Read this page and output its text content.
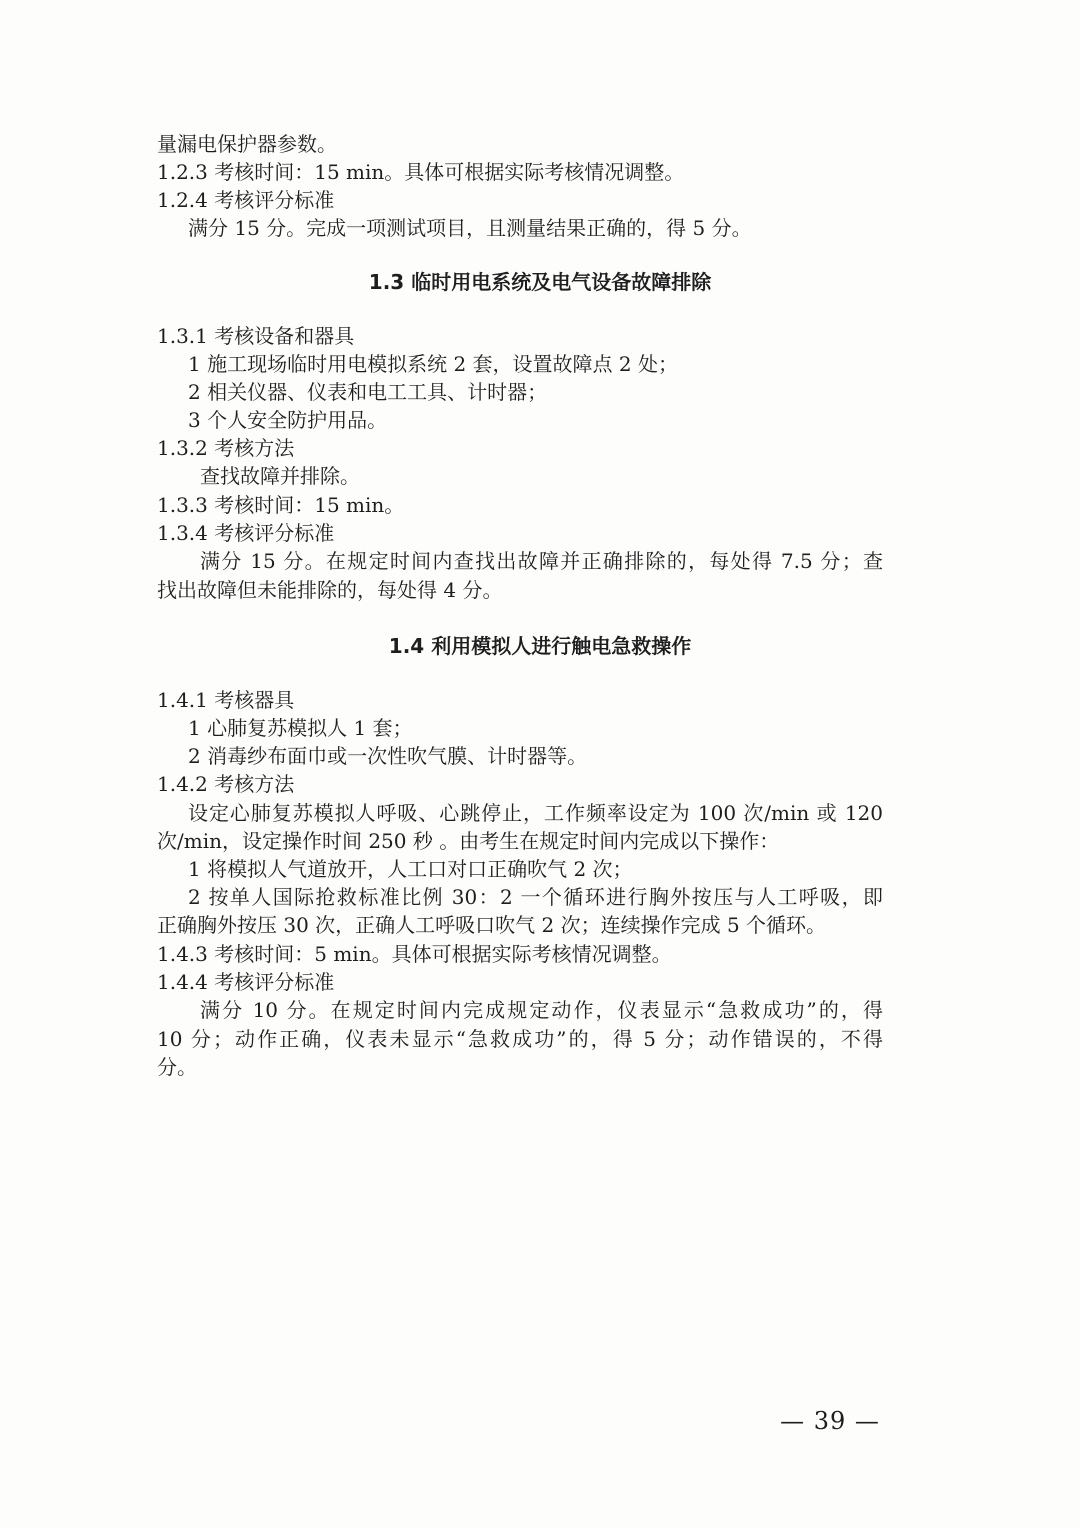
量漏电保护器参数。
1.2.3 考核时间：15 min。具体可根据实际考核情况调整。
1.2.4 考核评分标准
满分 15 分。完成一项测试项目，且测量结果正确的，得 5 分。
1.3 临时用电系统及电气设备故障排除
1.3.1 考核设备和器具
1 施工现场临时用电模拟系统 2 套，设置故障点 2 处；
2 相关仪器、仪表和电工工具、计时器；
3 个人安全防护用品。
1.3.2 考核方法
查找故障并排除。
1.3.3 考核时间：15 min。
1.3.4 考核评分标准
满分 15 分。在规定时间内查找出故障并正确排除的，每处得 7.5 分；查
找出故障但未能排除的，每处得 4 分。
1.4 利用模拟人进行触电急救操作
1.4.1 考核器具
1 心肺复苏模拟人 1 套；
2 消毒纱布面巾或一次性吹气膜、计时器等。
1.4.2 考核方法
设定心肺复苏模拟人呼吸、心跳停止，工作频率设定为 100 次/min 或 120
次/min，设定操作时间 250 秒 。由考生在规定时间内完成以下操作：
1 将模拟人气道放开，人工口对口正确吹气 2 次；
2 按单人国际抢救标准比例 30：2 一个循环进行胸外按压与人工呼吸，即
正确胸外按压 30 次，正确人工呼吸口吹气 2 次；连续操作完成 5 个循环。
1.4.3 考核时间：5 min。具体可根据实际考核情况调整。
1.4.4 考核评分标准
满分 10 分。在规定时间内完成规定动作，仪表显示“急救成功”的，得
10 分；动作正确，仪表未显示“急救成功”的，得 5 分；动作错误的，不得
分。
— 39 —
